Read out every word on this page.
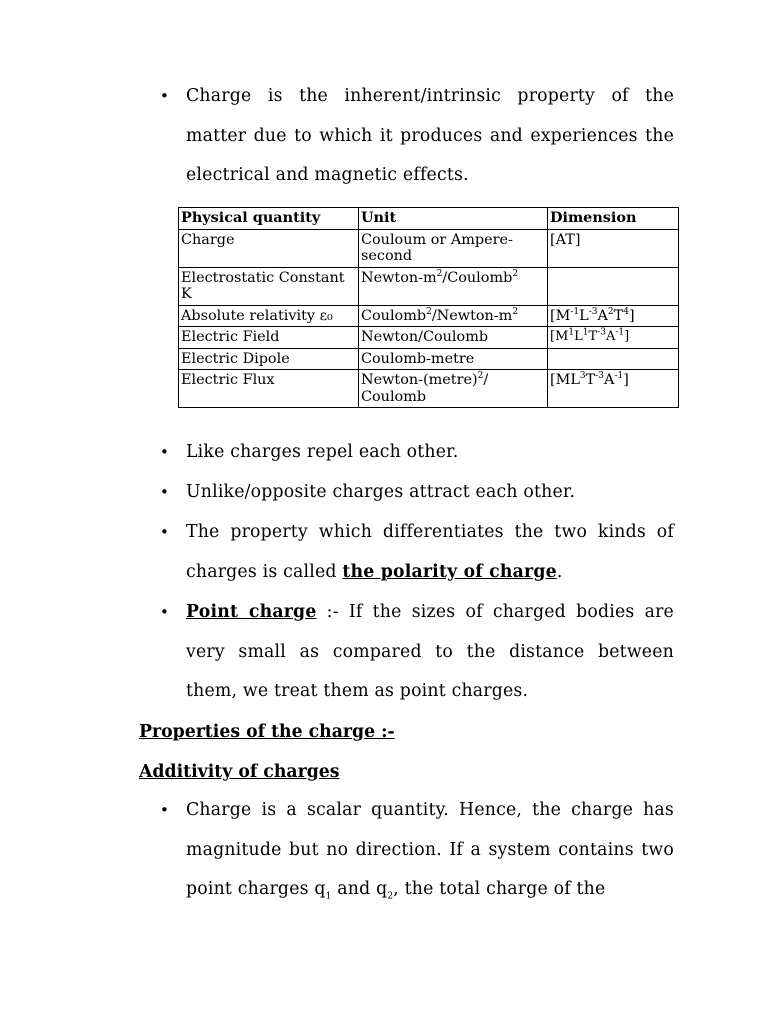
• Charge is the inherent/intrinsic property of the matter due to which it produces and experiences the electrical and magnetic effects.
Physical quantity	Unit	Dimension
Charge	Couloum or Ampere-second	[AT]
Electrostatic Constant K	Newton-$m^2/Coulomb^2$	
Absolute relativity ε₀	$Coulomb^2/Newton-m^2$	$[M^{-1}L^{-3}A^2T^4]$
Electric Field	Newton/Coulomb	$[M^1L^1T^{-3}A^{-1}]$
Electric Dipole	Coulomb-metre	
Electric Flux	Newton-(metre)$^2$/ Coulomb	$[ML^3T^{-3}A^{-1}]$
• Like charges repel each other.
• Unlike/opposite charges attract each other.
• The property which differentiates the two kinds of charges is called the polarity of charge.
• Point charge :- If the sizes of charged bodies are very small as compared to the distance between them, we treat them as point charges.
Properties of the charge :-
Additivity of charges
• Charge is a scalar quantity. Hence, the charge has magnitude but no direction. If a system contains two point charges $q_1$ and $q_2$, the total charge of the
